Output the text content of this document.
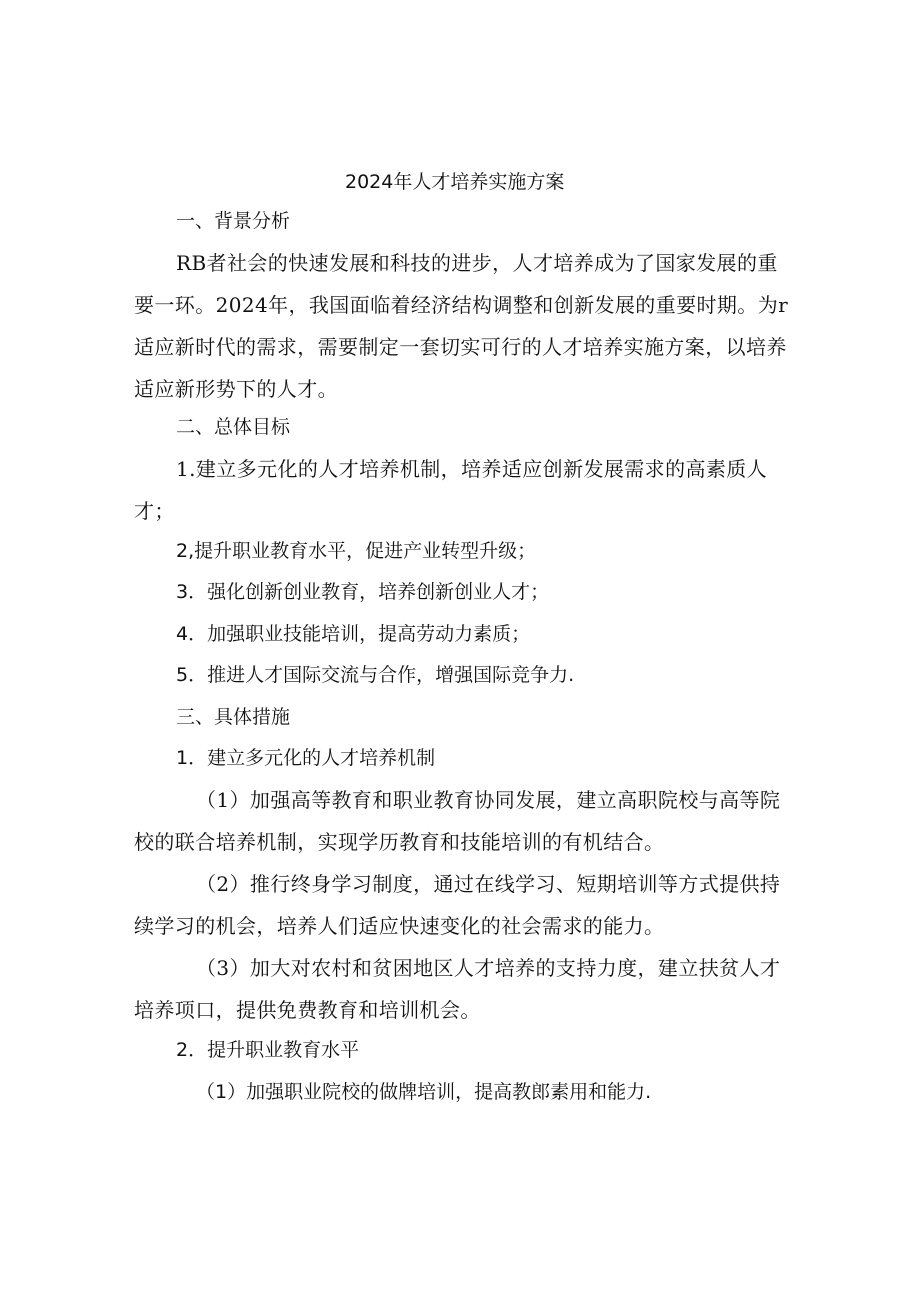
2024年人才培养实施方案
一、背景分析
RB者社会的快速发展和科技的进步，人才培养成为了国家发展的重
要一环。2024年，我国面临着经济结构调整和创新发展的重要时期。为r
适应新时代的需求，需要制定一套切实可行的人才培养实施方案，以培养
适应新形势下的人才。
二、总体目标
1.建立多元化的人才培养机制，培养适应创新发展需求的高素质人
才；
2,提升职业教育水平，促进产业转型升级；
3．强化创新创业教育，培养创新创业人才；
4．加强职业技能培训，提高劳动力素质；
5．推进人才国际交流与合作，增强国际竞争力.
三、具体措施
1．建立多元化的人才培养机制
（1）加强高等教育和职业教育协同发展，建立高职院校与高等院
校的联合培养机制，实现学历教育和技能培训的有机结合。
（2）推行终身学习制度，通过在线学习、短期培训等方式提供持
续学习的机会，培养人们适应快速变化的社会需求的能力。
（3）加大对农村和贫困地区人才培养的支持力度，建立扶贫人才
培养项口，提供免费教育和培训机会。
2．提升职业教育水平
（1）加强职业院校的做牌培训，提高教郎素用和能力.
